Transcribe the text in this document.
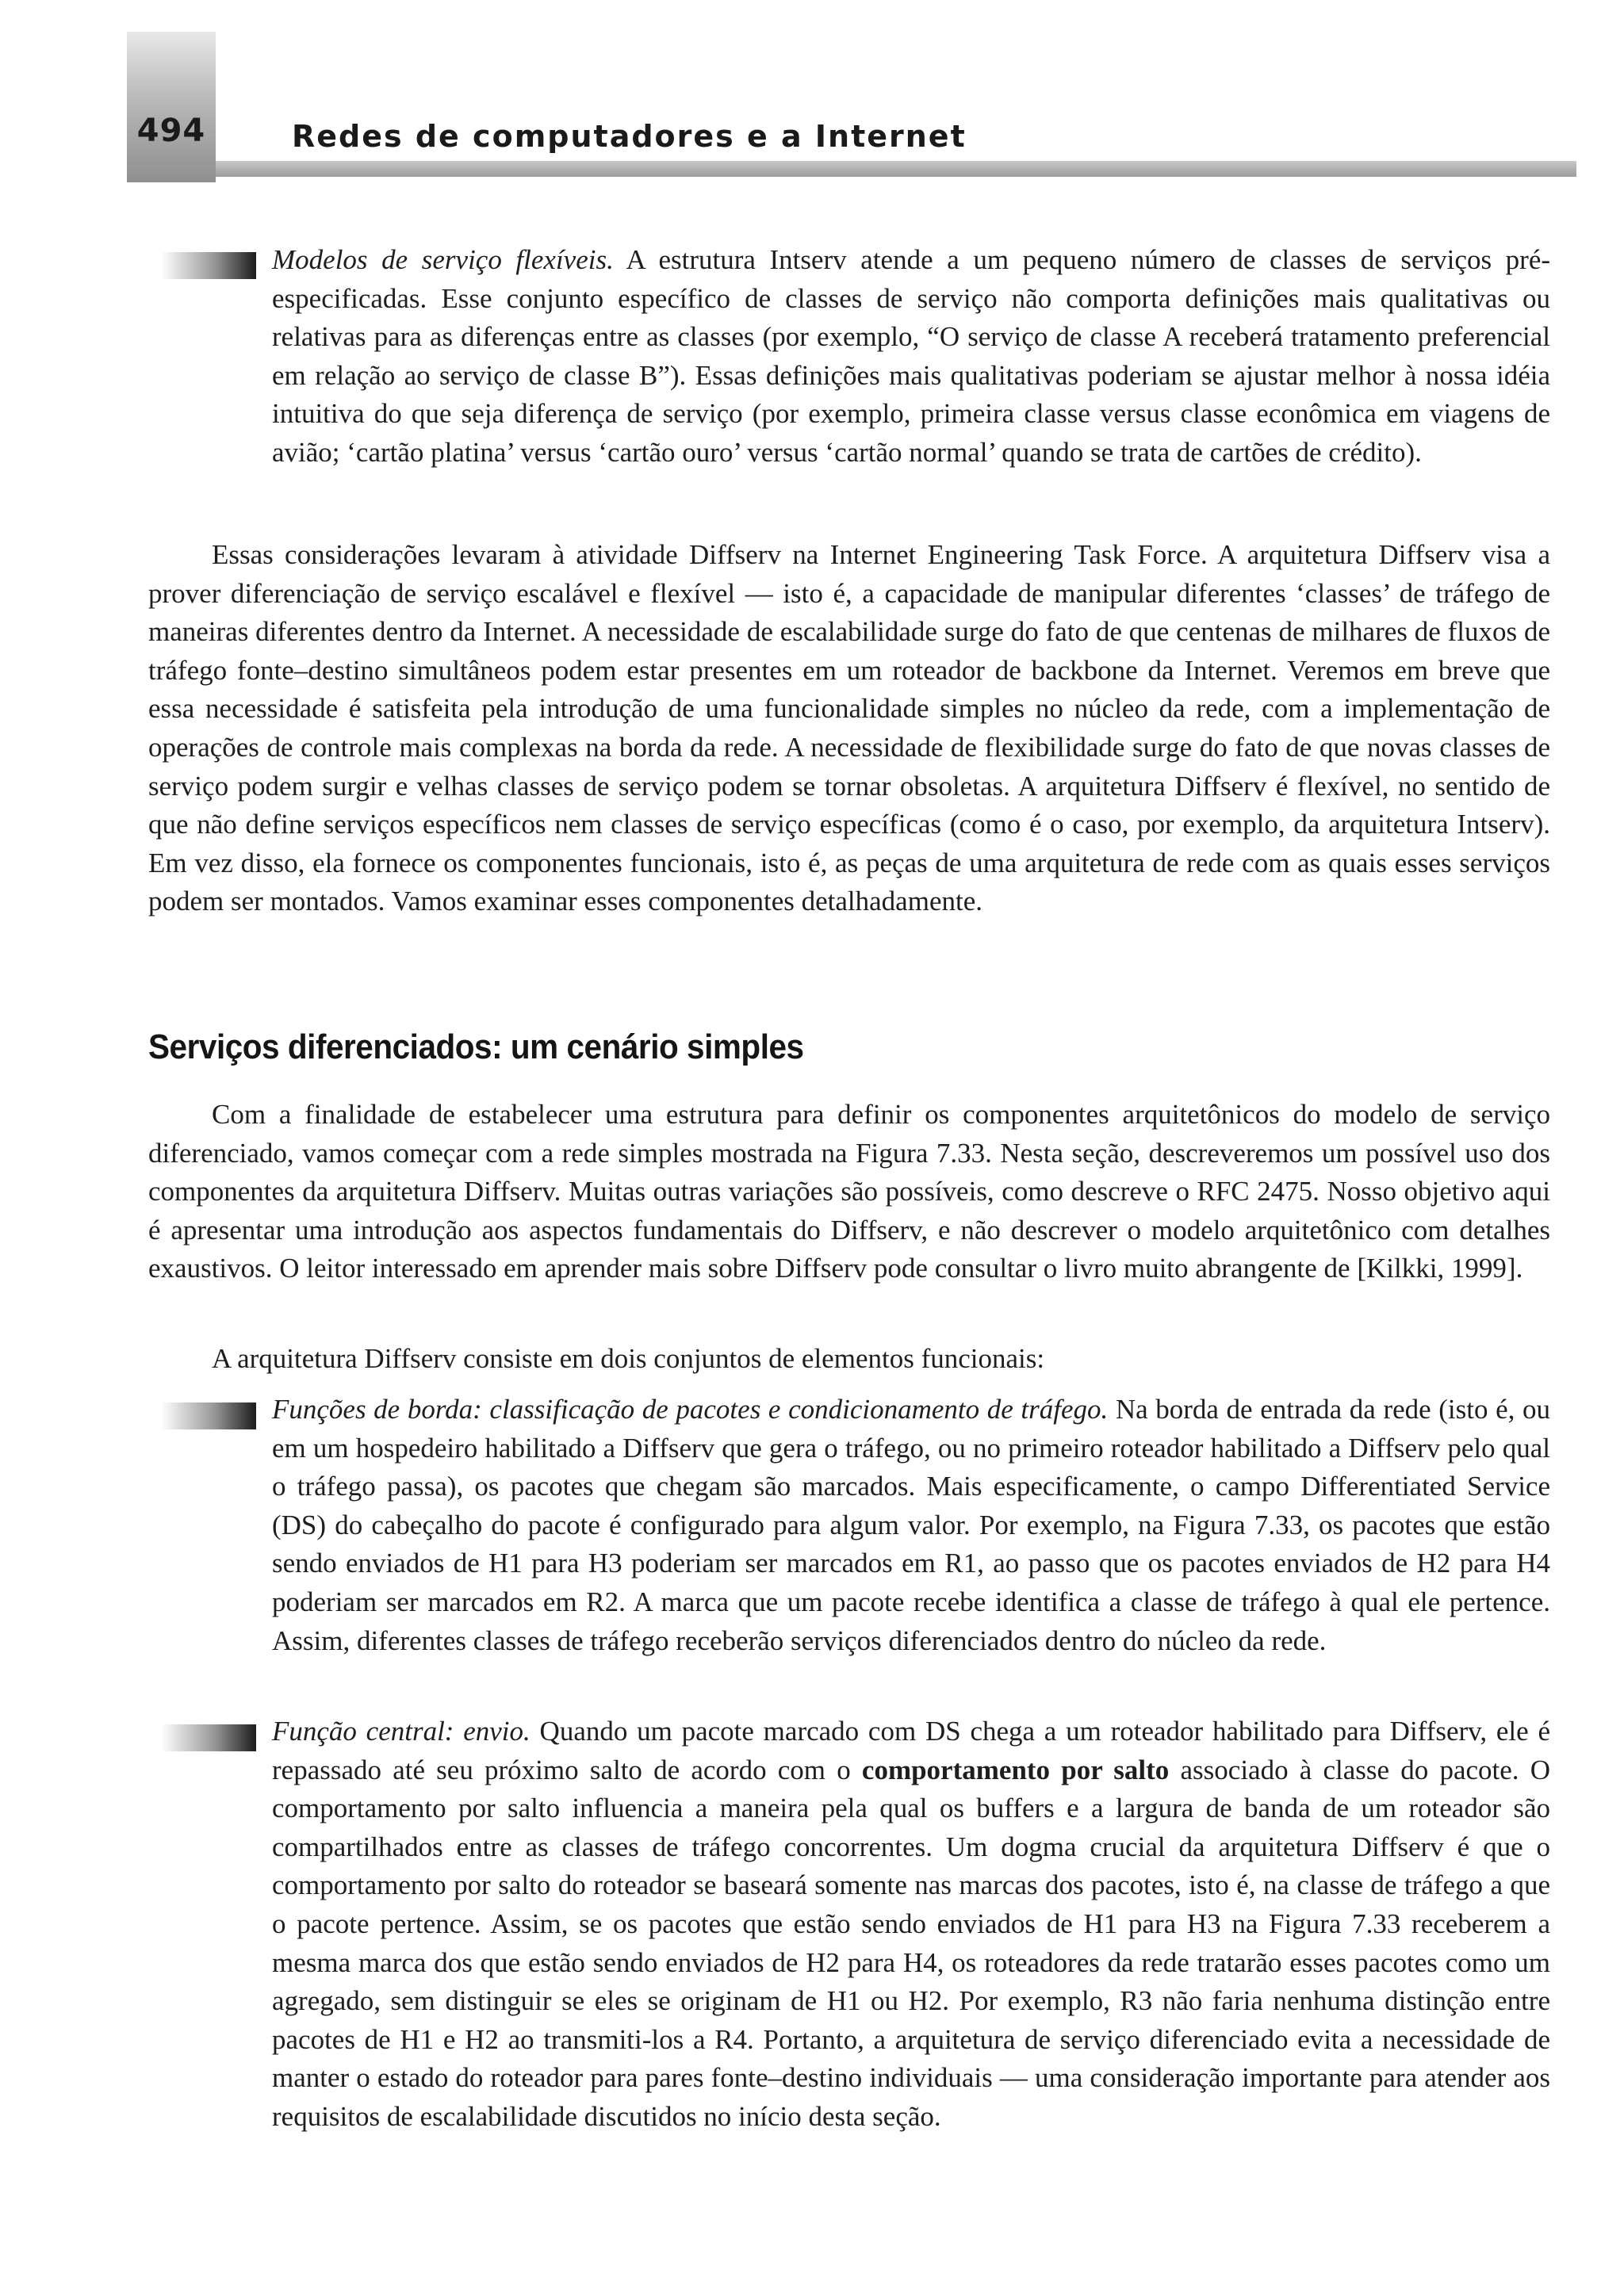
494	Redes de computadores e a Internet

Modelos de serviço flexíveis. A estrutura Intserv atende a um pequeno número de classes de serviços pré-especificadas. Esse conjunto específico de classes de serviço não comporta definições mais qualitativas ou relativas para as diferenças entre as classes (por exemplo, “O serviço de classe A receberá tratamento preferencial em relação ao serviço de classe B”). Essas definições mais qualitativas poderiam se ajustar melhor à nossa idéia intuitiva do que seja diferença de serviço (por exemplo, primeira classe versus classe econômica em viagens de avião; ‘cartão platina’ versus ‘cartão ouro’ versus ‘cartão normal’ quando se trata de cartões de crédito).

Essas considerações levaram à atividade Diffserv na Internet Engineering Task Force. A arquitetura Diffserv visa a prover diferenciação de serviço escalável e flexível — isto é, a capacidade de manipular diferentes ‘classes’ de tráfego de maneiras diferentes dentro da Internet. A necessidade de escalabilidade surge do fato de que centenas de milhares de fluxos de tráfego fonte–destino simultâneos podem estar presentes em um roteador de backbone da Internet. Veremos em breve que essa necessidade é satisfeita pela introdução de uma funcionalidade simples no núcleo da rede, com a implementação de operações de controle mais complexas na borda da rede. A necessidade de flexibilidade surge do fato de que novas classes de serviço podem surgir e velhas classes de serviço podem se tornar obsoletas. A arquitetura Diffserv é flexível, no sentido de que não define serviços específicos nem classes de serviço específicas (como é o caso, por exemplo, da arquitetura Intserv). Em vez disso, ela fornece os componentes funcionais, isto é, as peças de uma arquitetura de rede com as quais esses serviços podem ser montados. Vamos examinar esses componentes detalhadamente.

Serviços diferenciados: um cenário simples

Com a finalidade de estabelecer uma estrutura para definir os componentes arquitetônicos do modelo de serviço diferenciado, vamos começar com a rede simples mostrada na Figura 7.33. Nesta seção, descreveremos um possível uso dos componentes da arquitetura Diffserv. Muitas outras variações são possíveis, como descreve o RFC 2475. Nosso objetivo aqui é apresentar uma introdução aos aspectos fundamentais do Diffserv, e não descrever o modelo arquitetônico com detalhes exaustivos. O leitor interessado em aprender mais sobre Diffserv pode consultar o livro muito abrangente de [Kilkki, 1999].

A arquitetura Diffserv consiste em dois conjuntos de elementos funcionais:

Funções de borda: classificação de pacotes e condicionamento de tráfego. Na borda de entrada da rede (isto é, ou em um hospedeiro habilitado a Diffserv que gera o tráfego, ou no primeiro roteador habilitado a Diffserv pelo qual o tráfego passa), os pacotes que chegam são marcados. Mais especificamente, o campo Differentiated Service (DS) do cabeçalho do pacote é configurado para algum valor. Por exemplo, na Figura 7.33, os pacotes que estão sendo enviados de H1 para H3 poderiam ser marcados em R1, ao passo que os pacotes enviados de H2 para H4 poderiam ser marcados em R2. A marca que um pacote recebe identifica a classe de tráfego à qual ele pertence. Assim, diferentes classes de tráfego receberão serviços diferenciados dentro do núcleo da rede.

Função central: envio. Quando um pacote marcado com DS chega a um roteador habilitado para Diffserv, ele é repassado até seu próximo salto de acordo com o comportamento por salto associado à classe do pacote. O comportamento por salto influencia a maneira pela qual os buffers e a largura de banda de um roteador são compartilhados entre as classes de tráfego concorrentes. Um dogma crucial da arquitetura Diffserv é que o comportamento por salto do roteador se baseará somente nas marcas dos pacotes, isto é, na classe de tráfego a que o pacote pertence. Assim, se os pacotes que estão sendo enviados de H1 para H3 na Figura 7.33 receberem a mesma marca dos que estão sendo enviados de H2 para H4, os roteadores da rede tratarão esses pacotes como um agregado, sem distinguir se eles se originam de H1 ou H2. Por exemplo, R3 não faria nenhuma distinção entre pacotes de H1 e H2 ao transmiti-los a R4. Portanto, a arquitetura de serviço diferenciado evita a necessidade de manter o estado do roteador para pares fonte–destino individuais — uma consideração importante para atender aos requisitos de escalabilidade discutidos no início desta seção.
